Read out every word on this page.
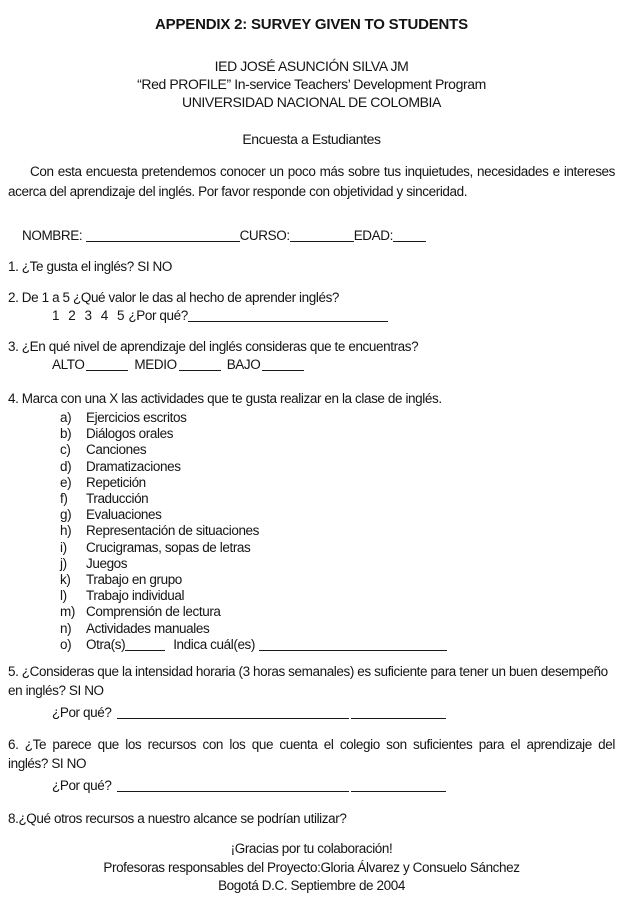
APPENDIX 2: SURVEY GIVEN TO STUDENTS
IED JOSÉ ASUNCIÓN SILVA JM
“Red PROFILE” In-service Teachers’ Development Program
UNIVERSIDAD NACIONAL DE COLOMBIA
Encuesta a Estudiantes
Con esta encuesta pretendemos conocer un poco más sobre tus inquietudes, necesidades e intereses
acerca del aprendizaje del inglés. Por favor responde con objetividad y sinceridad.
NOMBRE:	CURSO:	EDAD:
1. ¿Te gusta el inglés? SI NO
2. De 1 a 5 ¿Qué valor le das al hecho de aprender inglés?
1 2 3 4 5 ¿Por qué?
3. ¿En qué nivel de aprendizaje del inglés consideras que te encuentras?
ALTO	MEDIO	BAJO
4. Marca con una X las actividades que te gusta realizar en la clase de inglés.
a) Ejercicios escritos
b) Diálogos orales
c) Canciones
d) Dramatizaciones
e) Repetición
f) Traducción
g) Evaluaciones
h) Representación de situaciones
i) Crucigramas, sopas de letras
j) Juegos
k) Trabajo en grupo
l) Trabajo individual
m) Comprensión de lectura
n) Actividades manuales
o) Otra(s)	Indica cuál(es)
5. ¿Consideras que la intensidad horaria (3 horas semanales) es suficiente para tener un buen desempeño
en inglés? SI NO
¿Por qué?
6. ¿Te parece que los recursos con los que cuenta el colegio son suficientes para el aprendizaje del
inglés? SI NO
¿Por qué?
8.¿Qué otros recursos a nuestro alcance se podrían utilizar?
¡Gracias por tu colaboración!
Profesoras responsables del Proyecto:Gloria Álvarez y Consuelo Sánchez
Bogotá D.C. Septiembre de 2004
